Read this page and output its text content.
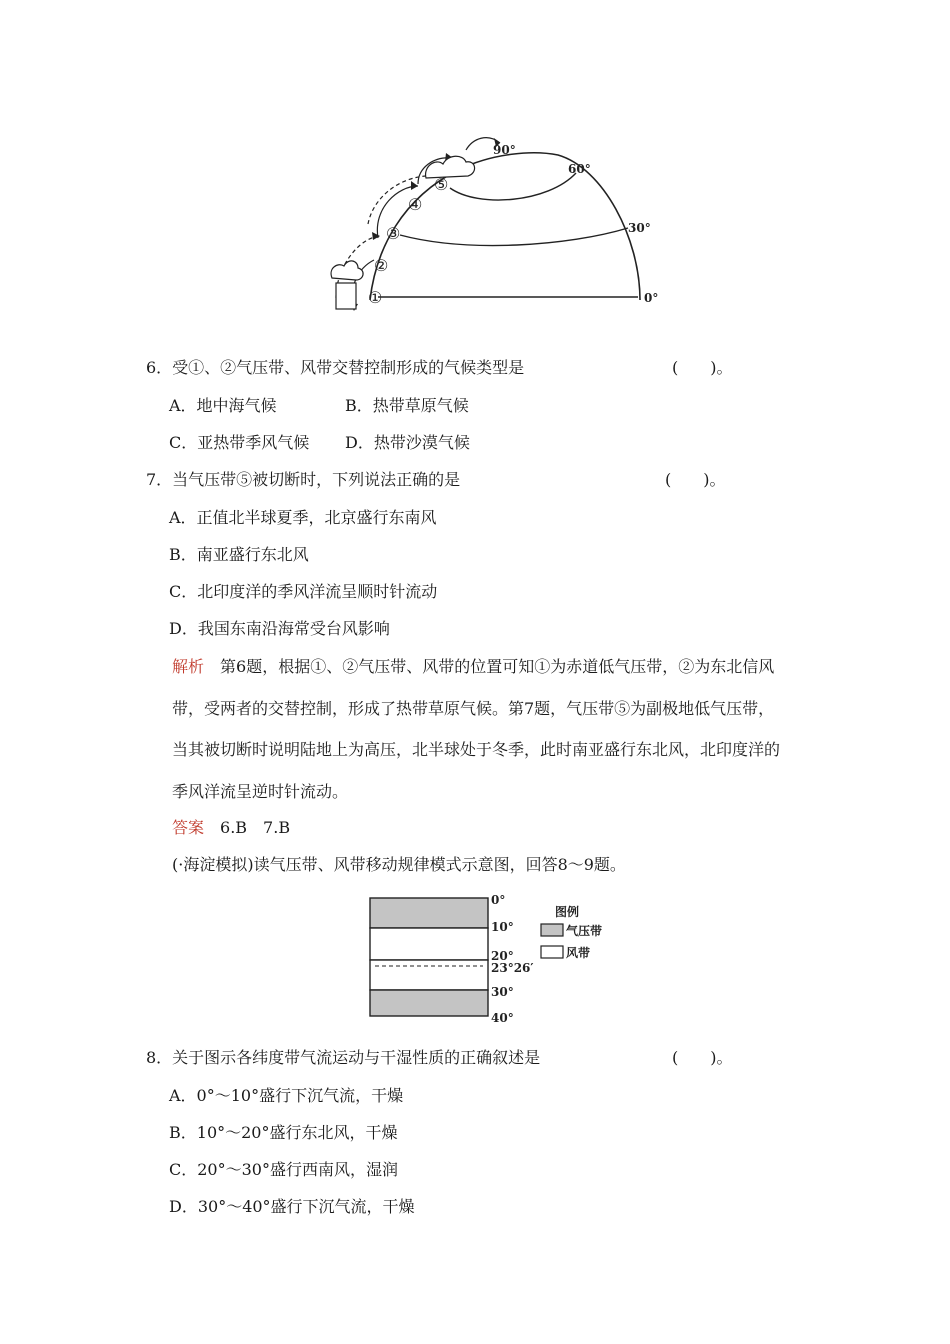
①
②
③
④
⑤
90°
60°
30°
0°
6．受①、②气压带、风带交替控制形成的气候类型是	(　　)。
A．地中海气候	B．热带草原气候
C．亚热带季风气候 D．热带沙漠气候
7．当气压带⑤被切断时，下列说法正确的是	(　　)。
A．正值北半球夏季，北京盛行东南风
B．南亚盛行东北风
C．北印度洋的季风洋流呈顺时针流动
D．我国东南沿海常受台风影响
解析　 第6题，根据①、②气压带、风带的位置可知①为赤道低气压带，②为东北信风
带，受两者的交替控制，形成了热带草原气候。第7题，气压带⑤为副极地低气压带，
当其被切断时说明陆地上为高压，北半球处于冬季，此时南亚盛行东北风，北印度洋的
季风洋流呈逆时针流动。
答案　 6.B　7.B
(·海淀模拟)读气压带、风带移动规律模式示意图，回答8～9题。
0°
10°
20°
23°26′
30°
40°
图例
气压带
风带
8．关于图示各纬度带气流运动与干湿性质的正确叙述是	(　　)。
A．0°～10°盛行下沉气流，干燥
B．10°～20°盛行东北风，干燥
C．20°～30°盛行西南风，湿润
D．30°～40°盛行下沉气流，干燥
